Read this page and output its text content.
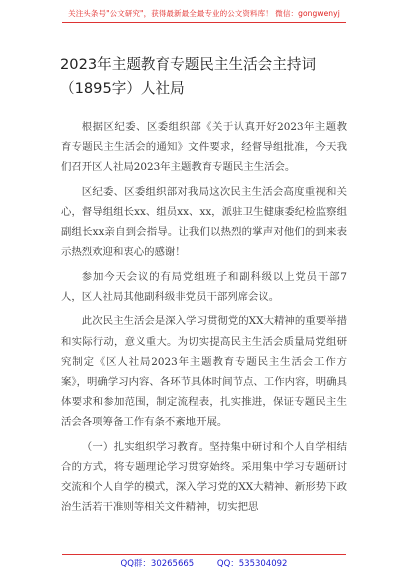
关注头条号"公文研究"，获得最新最全最专业的公文资料库！ 微信：gongwenyj
2023年主题教育专题民主生活会主持词（1895字）人社局

根据区纪委、区委组织部《关于认真开好2023年主题教育专题民主生活会的通知》文件要求，经督导组批准，今天我们召开区人社局2023年主题教育专题民主生活会。

区纪委、区委组织部对我局这次民主生活会高度重视和关心，督导组组长xx、组员xx、xx，派驻卫生健康委纪检监察组副组长xx亲自到会指导。让我们以热烈的掌声对他们的到来表示热烈欢迎和衷心的感谢！

参加今天会议的有局党组班子和副科级以上党员干部7人，区人社局其他副科级非党员干部列席会议。

此次民主生活会是深入学习贯彻党的XX大精神的重要举措和实际行动，意义重大。为切实提高民主生活会质量局党组研究制定《区人社局2023年主题教育专题民主生活会工作方案》，明确学习内容、各环节具体时间节点、工作内容，明确具体要求和参加范围，制定流程表，扎实推进，保证专题民主生活会各项筹备工作有条不紊地开展。

（一）扎实组织学习教育。坚持集中研讨和个人自学相结合的方式，将专题理论学习贯穿始终。采用集中学习专题研讨交流和个人自学的模式，深入学习党的XX大精神、新形势下政治生活若干准则等相关文件精神，切实把思

QQ群：30265665	QQ：535304092
